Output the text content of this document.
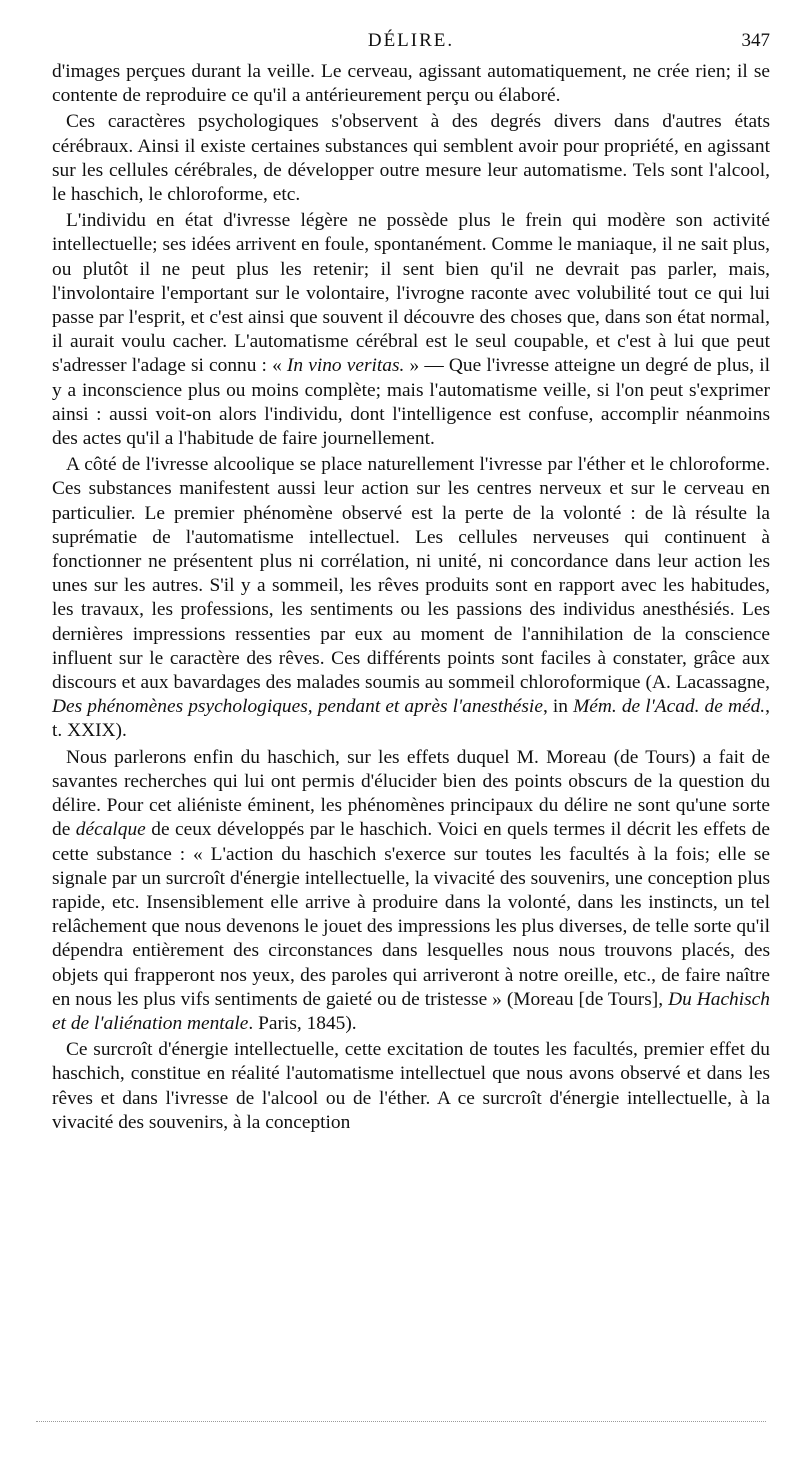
DÉLIRE.	347

d'images perçues durant la veille. Le cerveau, agissant automatiquement, ne crée rien; il se contente de reproduire ce qu'il a antérieurement perçu ou élaboré.

Ces caractères psychologiques s'observent à des degrés divers dans d'autres états cérébraux. Ainsi il existe certaines substances qui semblent avoir pour propriété, en agissant sur les cellules cérébrales, de développer outre mesure leur automatisme. Tels sont l'alcool, le haschich, le chloroforme, etc.

L'individu en état d'ivresse légère ne possède plus le frein qui modère son activité intellectuelle; ses idées arrivent en foule, spontanément. Comme le maniaque, il ne sait plus, ou plutôt il ne peut plus les retenir; il sent bien qu'il ne devrait pas parler, mais, l'involontaire l'emportant sur le volontaire, l'ivrogne raconte avec volubilité tout ce qui lui passe par l'esprit, et c'est ainsi que souvent il découvre des choses que, dans son état normal, il aurait voulu cacher. L'automatisme cérébral est le seul coupable, et c'est à lui que peut s'adresser l'adage si connu : « In vino veritas. » — Que l'ivresse atteigne un degré de plus, il y a inconscience plus ou moins complète; mais l'automatisme veille, si l'on peut s'exprimer ainsi : aussi voit-on alors l'individu, dont l'intelligence est confuse, accomplir néanmoins des actes qu'il a l'habitude de faire journellement.

A côté de l'ivresse alcoolique se place naturellement l'ivresse par l'éther et le chloroforme. Ces substances manifestent aussi leur action sur les centres nerveux et sur le cerveau en particulier. Le premier phénomène observé est la perte de la volonté : de là résulte la suprématie de l'automatisme intellectuel. Les cellules nerveuses qui continuent à fonctionner ne présentent plus ni corrélation, ni unité, ni concordance dans leur action les unes sur les autres. S'il y a sommeil, les rêves produits sont en rapport avec les habitudes, les travaux, les professions, les sentiments ou les passions des individus anesthésiés. Les dernières impressions ressenties par eux au moment de l'annihilation de la conscience influent sur le caractère des rêves. Ces différents points sont faciles à constater, grâce aux discours et aux bavardages des malades soumis au sommeil chloroformique (A. Lacassagne, Des phénomènes psychologiques, pendant et après l'anesthésie, in Mém. de l'Acad. de méd., t. XXIX).

Nous parlerons enfin du haschich, sur les effets duquel M. Moreau (de Tours) a fait de savantes recherches qui lui ont permis d'élucider bien des points obscurs de la question du délire. Pour cet aliéniste éminent, les phénomènes principaux du délire ne sont qu'une sorte de décalque de ceux développés par le haschich. Voici en quels termes il décrit les effets de cette substance : « L'action du haschich s'exerce sur toutes les facultés à la fois; elle se signale par un surcroît d'énergie intellectuelle, la vivacité des souvenirs, une conception plus rapide, etc. Insensiblement elle arrive à produire dans la volonté, dans les instincts, un tel relâchement que nous devenons le jouet des impressions les plus diverses, de telle sorte qu'il dépendra entièrement des circonstances dans lesquelles nous nous trouvons placés, des objets qui frapperont nos yeux, des paroles qui arriveront à notre oreille, etc., de faire naître en nous les plus vifs sentiments de gaieté ou de tristesse » (Moreau [de Tours], Du Hachisch et de l'aliénation mentale. Paris, 1845).

Ce surcroît d'énergie intellectuelle, cette excitation de toutes les facultés, premier effet du haschich, constitue en réalité l'automatisme intellectuel que nous avons observé et dans les rêves et dans l'ivresse de l'alcool ou de l'éther. A ce surcroît d'énergie intellectuelle, à la vivacité des souvenirs, à la conception
